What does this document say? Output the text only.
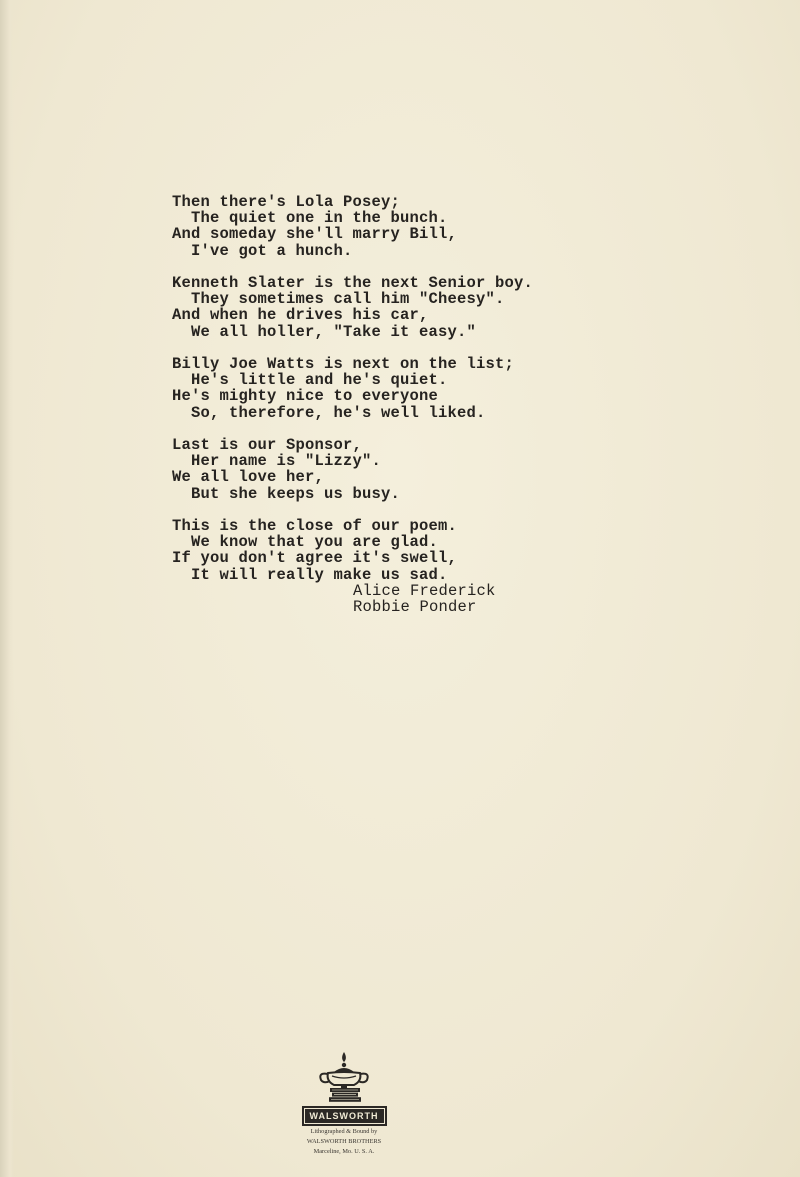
Then there's Lola Posey;
The quiet one in the bunch.
And someday she'll marry Bill,
I've got a hunch.
Kenneth Slater is the next Senior boy.
They sometimes call him "Cheesy".
And when he drives his car,
We all holler, "Take it easy."
Billy Joe Watts is next on the list;
He's little and he's quiet.
He's mighty nice to everyone
So, therefore, he's well liked.
Last is our Sponsor,
Her name is "Lizzy".
We all love her,
But she keeps us busy.
This is the close of our poem.
We know that you are glad.
If you don't agree it's swell,
It will really make us sad.
Alice Frederick
Robbie Ponder
WALSWORTH
Lithographed & Bound by
WALSWORTH BROTHERS
Marceline, Mo. U. S. A.
